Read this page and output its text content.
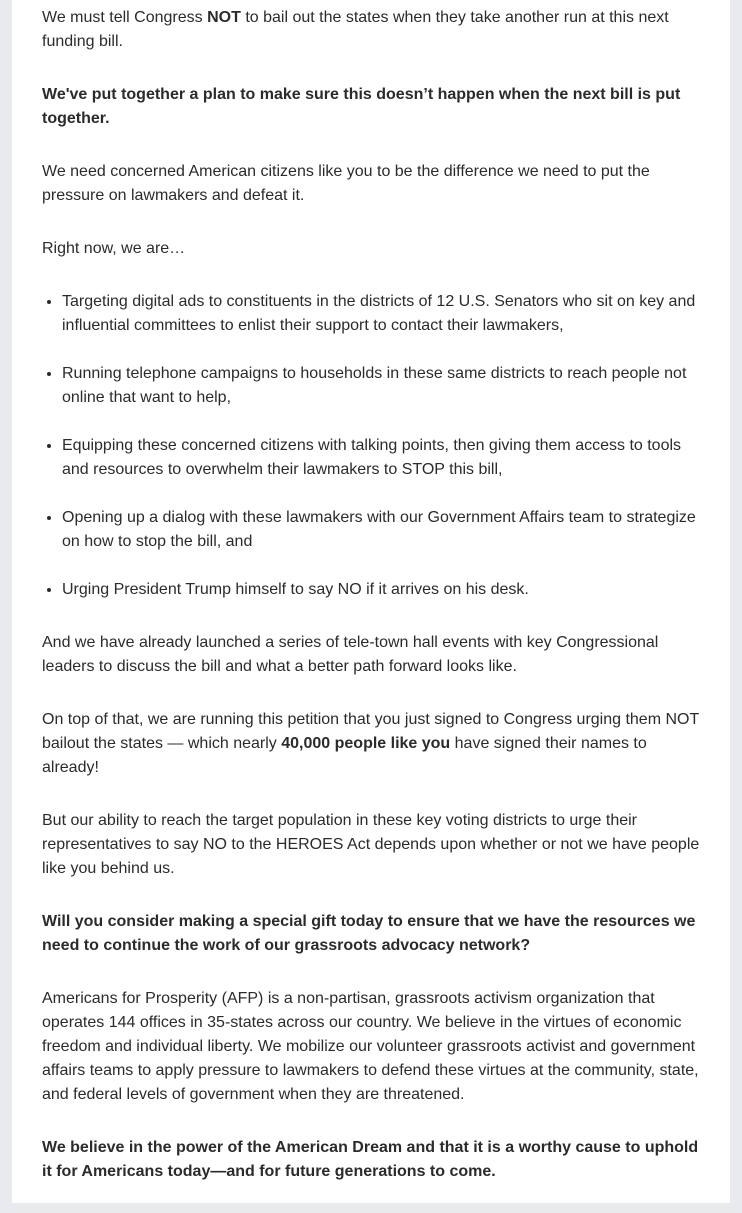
We must tell Congress NOT to bail out the states when they take another run at this next funding bill.

We've put together a plan to make sure this doesn’t happen when the next bill is put together.

We need concerned American citizens like you to be the difference we need to put the pressure on lawmakers and defeat it.

Right now, we are…

• Targeting digital ads to constituents in the districts of 12 U.S. Senators who sit on key and influential committees to enlist their support to contact their lawmakers,
• Running telephone campaigns to households in these same districts to reach people not online that want to help,
• Equipping these concerned citizens with talking points, then giving them access to tools and resources to overwhelm their lawmakers to STOP this bill,
• Opening up a dialog with these lawmakers with our Government Affairs team to strategize on how to stop the bill, and
• Urging President Trump himself to say NO if it arrives on his desk.

And we have already launched a series of tele-town hall events with key Congressional leaders to discuss the bill and what a better path forward looks like.

On top of that, we are running this petition that you just signed to Congress urging them NOT bailout the states — which nearly 40,000 people like you have signed their names to already!

But our ability to reach the target population in these key voting districts to urge their representatives to say NO to the HEROES Act depends upon whether or not we have people like you behind us.

Will you consider making a special gift today to ensure that we have the resources we need to continue the work of our grassroots advocacy network?

Americans for Prosperity (AFP) is a non-partisan, grassroots activism organization that operates 144 offices in 35-states across our country. We believe in the virtues of economic freedom and individual liberty. We mobilize our volunteer grassroots activist and government affairs teams to apply pressure to lawmakers to defend these virtues at the community, state, and federal levels of government when they are threatened.

We believe in the power of the American Dream and that it is a worthy cause to uphold it for Americans today—and for future generations to come.
